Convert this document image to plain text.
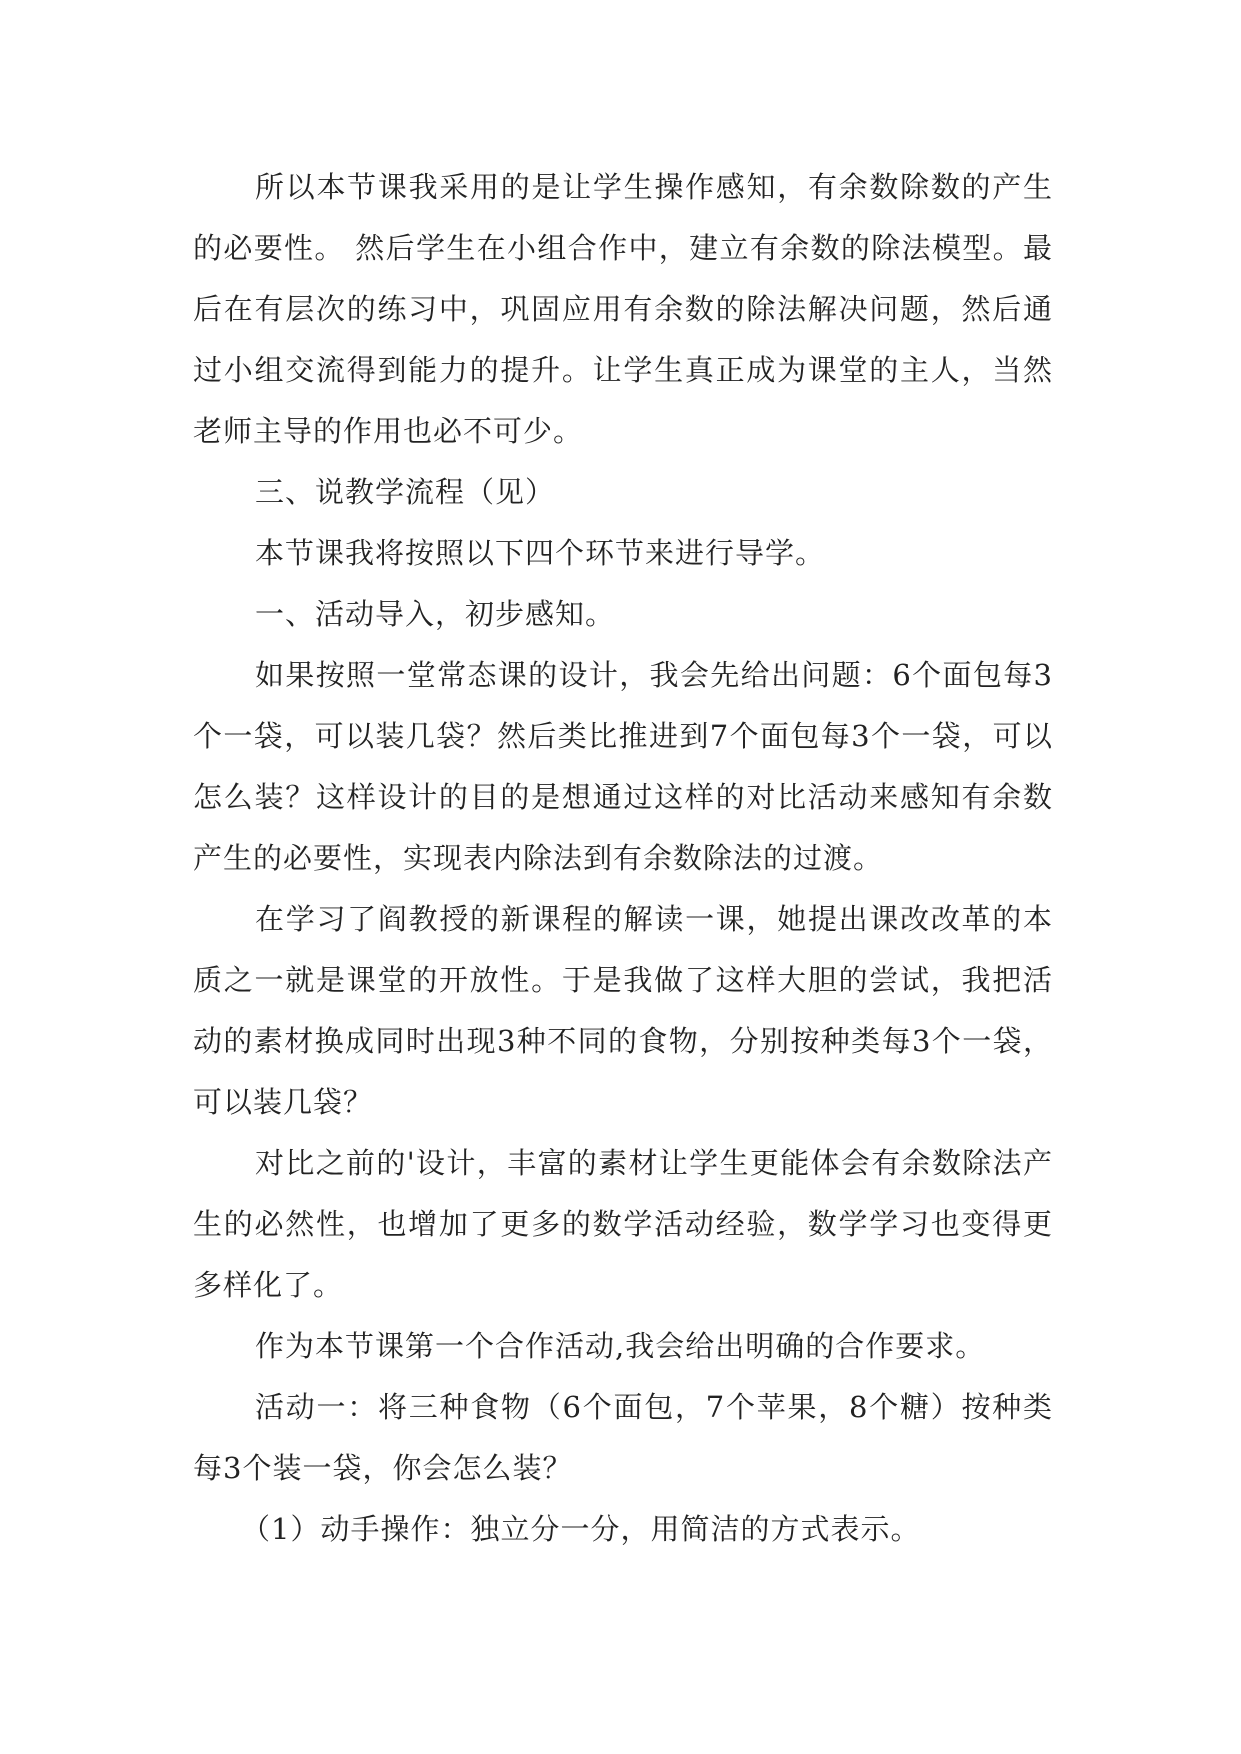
所以本节课我采用的是让学生操作感知，有余数除数的产生的必要性。 然后学生在小组合作中，建立有余数的除法模型。最后在有层次的练习中，巩固应用有余数的除法解决问题，然后通过小组交流得到能力的提升。让学生真正成为课堂的主人，当然老师主导的作用也必不可少。

三、说教学流程（见）

本节课我将按照以下四个环节来进行导学。

一、活动导入，初步感知。

如果按照一堂常态课的设计，我会先给出问题：6个面包每3个一袋，可以装几袋？然后类比推进到7个面包每3个一袋，可以怎么装？这样设计的目的是想通过这样的对比活动来感知有余数产生的必要性，实现表内除法到有余数除法的过渡。

在学习了阎教授的新课程的解读一课，她提出课改改革的本质之一就是课堂的开放性。于是我做了这样大胆的尝试，我把活动的素材换成同时出现3种不同的食物，分别按种类每3个一袋，可以装几袋？

对比之前的'设计，丰富的素材让学生更能体会有余数除法产生的必然性，也增加了更多的数学活动经验，数学学习也变得更多样化了。

作为本节课第一个合作活动,我会给出明确的合作要求。

活动一：将三种食物（6个面包，7个苹果，8个糖）按种类每3个装一袋，你会怎么装？

（1）动手操作：独立分一分，用简洁的方式表示。
